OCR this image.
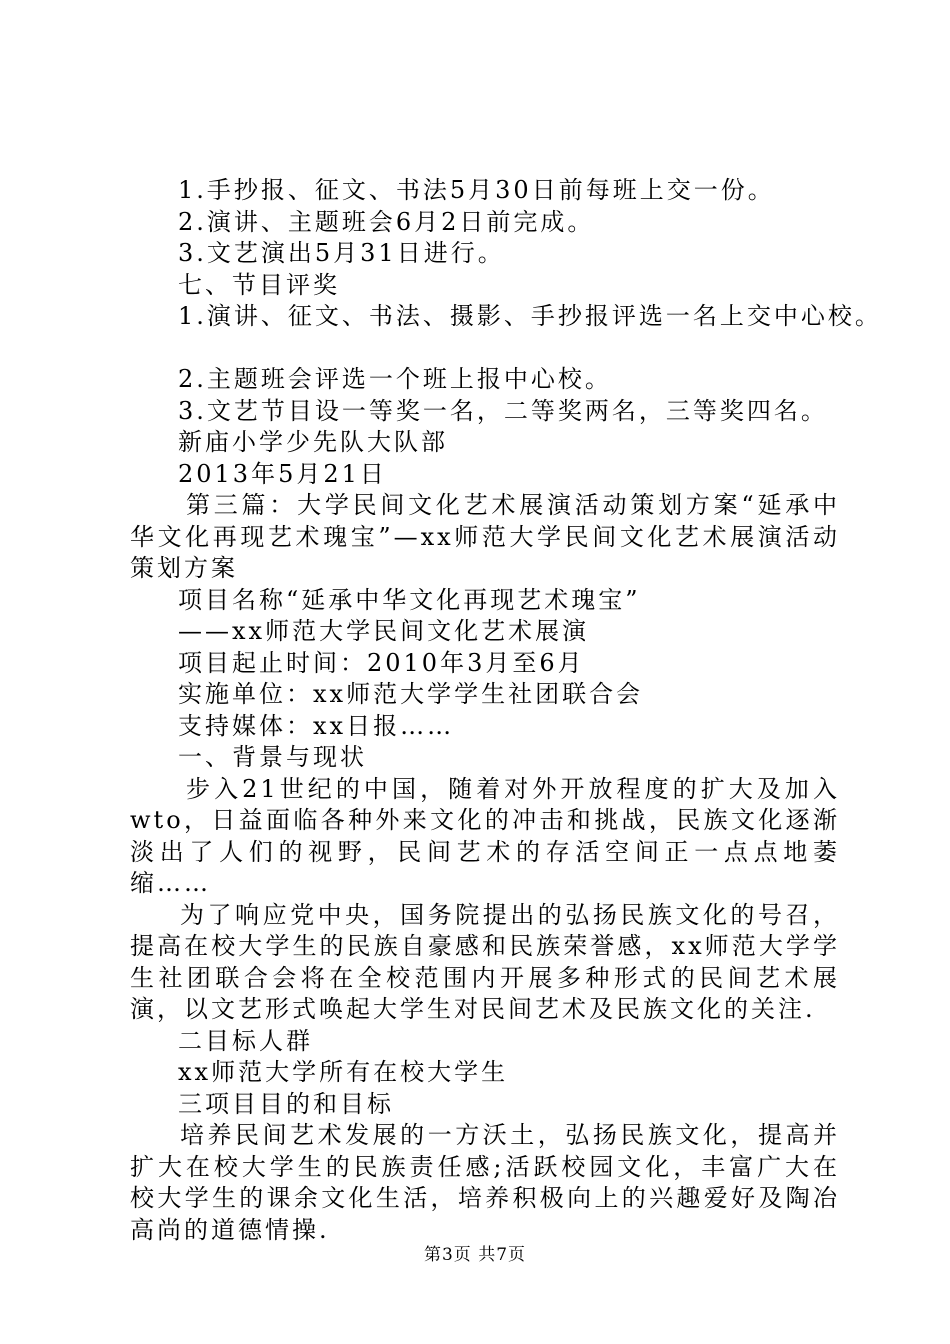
1.手抄报、征文、书法5月30日前每班上交一份。
2.演讲、主题班会6月2日前完成。
3.文艺演出5月31日进行。
七、节目评奖
1.演讲、征文、书法、摄影、手抄报评选一名上交中心校。
2.主题班会评选一个班上报中心校。
3.文艺节目设一等奖一名，二等奖两名，三等奖四名。
新庙小学少先队大队部
2013年5月21日
第三篇：大学民间文化艺术展演活动策划方案“延承中华文化再现艺术瑰宝”—xx师范大学民间文化艺术展演活动策划方案
项目名称“延承中华文化再现艺术瑰宝”
——xx师范大学民间文化艺术展演
项目起止时间：2010年3月至6月
实施单位：xx师范大学学生社团联合会
支持媒体：xx日报……
一、背景与现状
步入21世纪的中国，随着对外开放程度的扩大及加入wto，日益面临各种外来文化的冲击和挑战，民族文化逐渐淡出了人们的视野，民间艺术的存活空间正一点点地萎缩……
为了响应党中央，国务院提出的弘扬民族文化的号召，提高在校大学生的民族自豪感和民族荣誉感，xx师范大学学生社团联合会将在全校范围内开展多种形式的民间艺术展演，以文艺形式唤起大学生对民间艺术及民族文化的关注.
二目标人群
xx师范大学所有在校大学生
三项目目的和目标
培养民间艺术发展的一方沃土，弘扬民族文化，提高并扩大在校大学生的民族责任感;活跃校园文化，丰富广大在校大学生的课余文化生活，培养积极向上的兴趣爱好及陶冶高尚的道德情操.
第3页 共7页
